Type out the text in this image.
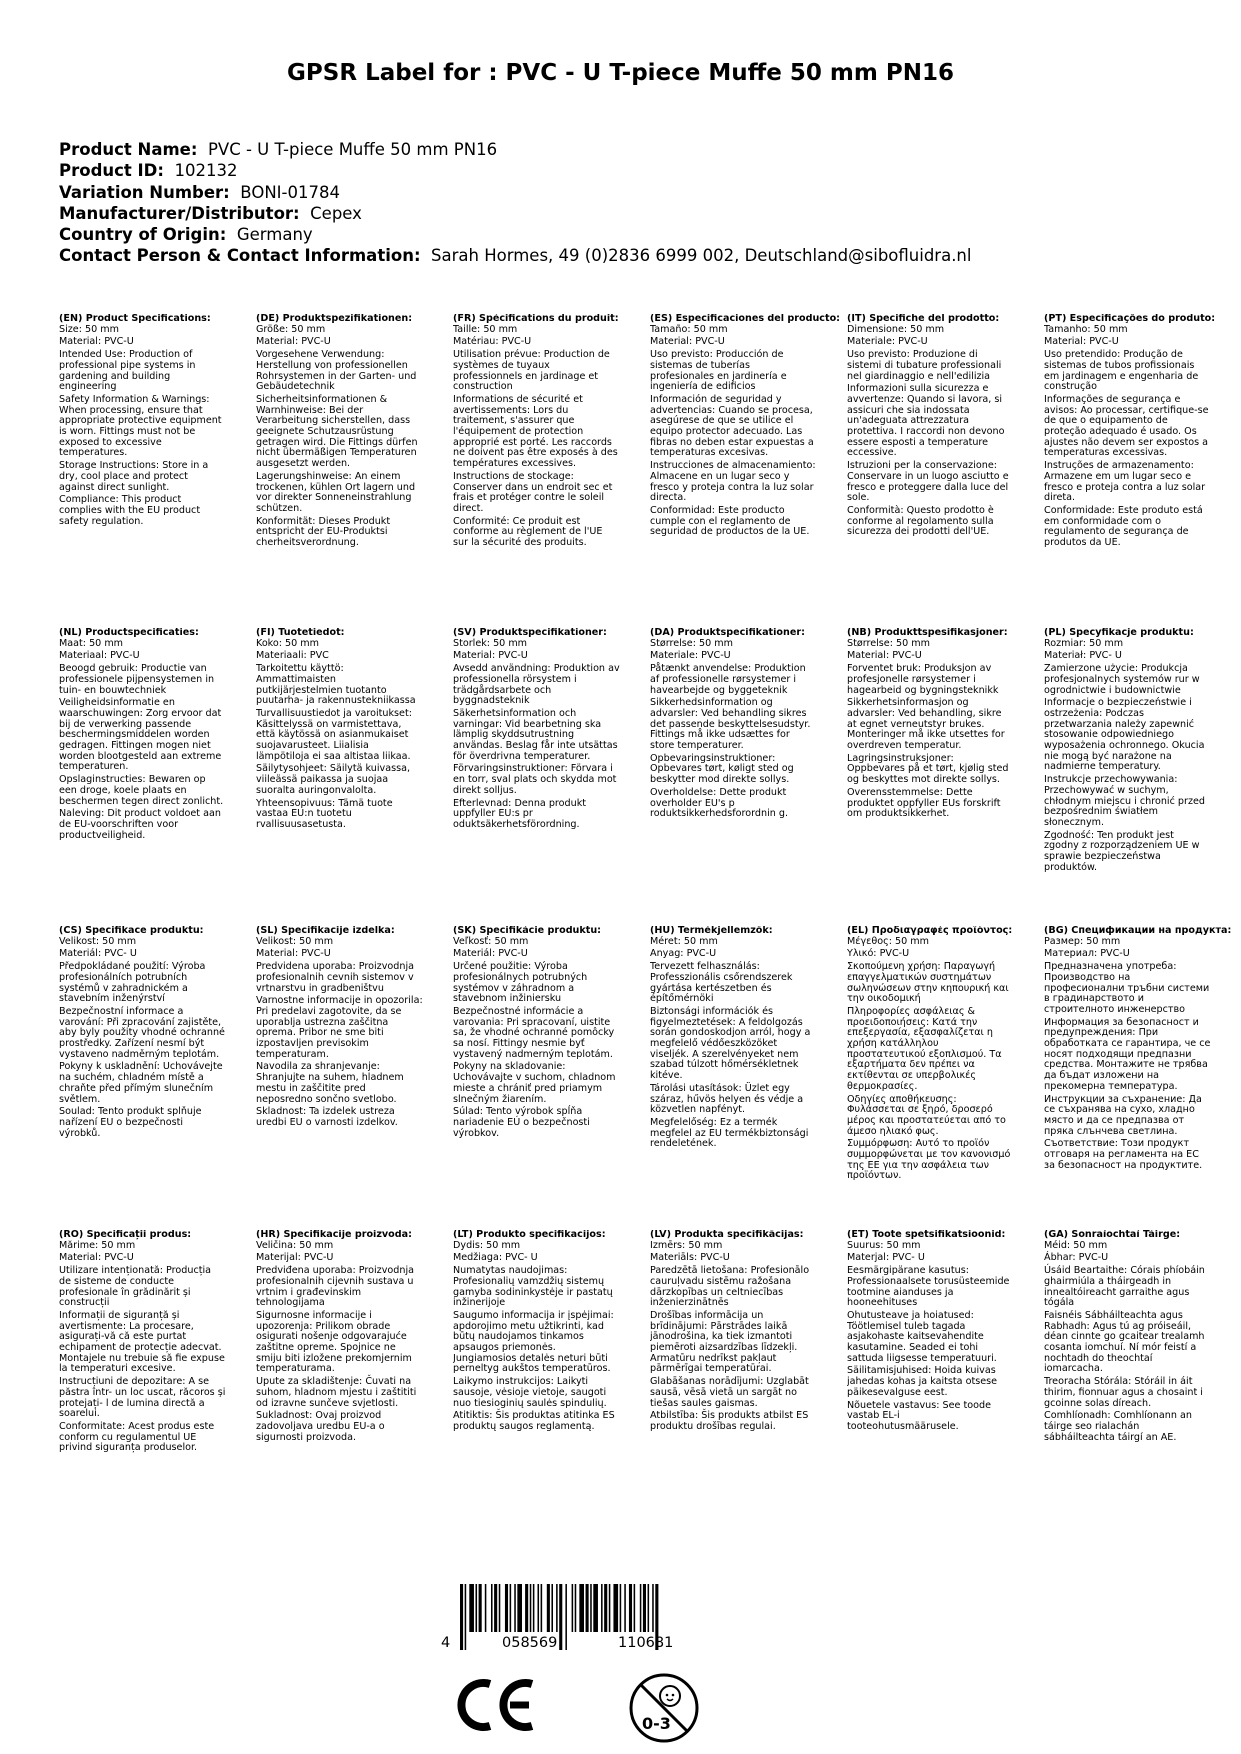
GPSR Label for : PVC - U T-piece Muffe 50 mm PN16
Product Name: PVC - U T-piece Muffe 50 mm PN16
Product ID: 102132
Variation Number: BONI-01784
Manufacturer/Distributor: Cepex
Country of Origin: Germany
Contact Person & Contact Information: Sarah Hormes, 49 (0)2836 6999 002, Deutschland@sibofluidra.nl
(EN) Product Specifications:

Size: 50 mm

Material: PVC-U

Intended Use: Production of professional pipe systems in gardening and building engineering

Safety Information & Warnings: When processing, ensure that appropriate protective equipment is worn. Fittings must not be exposed to excessive temperatures.

Storage Instructions: Store in a dry, cool place and protect against direct sunlight.

Compliance: This product complies with the EU product safety regulation.

(DE) Produktspezifikationen:

Größe: 50 mm

Material: PVC-U

Vorgesehene Verwendung: Herstellung von professionellen Rohrsystemen in der Garten- und Gebäudetechnik

Sicherheitsinformationen & Warnhinweise: Bei der Verarbeitung sicherstellen, dass geeignete Schutzausrüstung getragen wird. Die Fittings dürfen nicht übermäßigen Temperaturen ausgesetzt werden.

Lagerungshinweise: An einem trockenen, kühlen Ort lagern und vor direkter Sonneneinstrahlung schützen.

Konformität: Dieses Produkt entspricht der EU-Produktsi cherheitsverordnung.

(FR) Spécifications du produit:

Taille: 50 mm

Matériau: PVC-U

Utilisation prévue: Production de systèmes de tuyaux professionnels en jardinage et construction

Informations de sécurité et avertissements: Lors du traitement, s'assurer que l'équipement de protection approprié est porté. Les raccords ne doivent pas être exposés à des températures excessives.

Instructions de stockage: Conserver dans un endroit sec et frais et protéger contre le soleil direct.

Conformité: Ce produit est conforme au règlement de l'UE sur la sécurité des produits.

(ES) Especificaciones del producto:

Tamaño: 50 mm

Material: PVC-U

Uso previsto: Producción de sistemas de tuberías profesionales en jardinería e ingeniería de edificios

Información de seguridad y advertencias: Cuando se procesa, asegúrese de que se utilice el equipo protector adecuado. Las fibras no deben estar expuestas a temperaturas excesivas.

Instrucciones de almacenamiento: Almacene en un lugar seco y fresco y proteja contra la luz solar directa.

Conformidad: Este producto cumple con el reglamento de seguridad de productos de la UE.

(IT) Specifiche del prodotto:

Dimensione: 50 mm

Materiale: PVC-U

Uso previsto: Produzione di sistemi di tubature professionali nel giardinaggio e nell'edilizia

Informazioni sulla sicurezza e avvertenze: Quando si lavora, si assicuri che sia indossata un'adeguata attrezzatura protettiva. I raccordi non devono essere esposti a temperature eccessive.

Istruzioni per la conservazione: Conservare in un luogo asciutto e fresco e proteggere dalla luce del sole.

Conformità: Questo prodotto è conforme al regolamento sulla sicurezza dei prodotti dell'UE.

(PT) Especificações do produto:

Tamanho: 50 mm

Material: PVC-U

Uso pretendido: Produção de sistemas de tubos profissionais em jardinagem e engenharia de construção

Informações de segurança e avisos: Ao processar, certifique-se de que o equipamento de proteção adequado é usado. Os ajustes não devem ser expostos a temperaturas excessivas.

Instruções de armazenamento: Armazene em um lugar seco e fresco e proteja contra a luz solar direta.

Conformidade: Este produto está em conformidade com o regulamento de segurança de produtos da UE.

(NL) Productspecificaties:

Maat: 50 mm

Materiaal: PVC-U

Beoogd gebruik: Productie van professionele pijpensystemen in tuin- en bouwtechniek

Veiligheidsinformatie en waarschuwingen: Zorg ervoor dat bij de verwerking passende beschermingsmiddelen worden gedragen. Fittingen mogen niet worden blootgesteld aan extreme temperaturen.

Opslaginstructies: Bewaren op een droge, koele plaats en beschermen tegen direct zonlicht.

Naleving: Dit product voldoet aan de EU-voorschriften voor productveiligheid.

(FI) Tuotetiedot:

Koko: 50 mm

Materiaali: PVC

Tarkoitettu käyttö: Ammattimaisten putkijärjestelmien tuotanto puutarha- ja rakennustekniikassa

Turvallisuustiedot ja varoitukset: Käsittelyssä on varmistettava, että käytössä on asianmukaiset suojavarusteet. Liialisia lämpötiloja ei saa altistaa liikaa.

Säilytysohjeet: Säilytä kuivassa, viileässä paikassa ja suojaa suoralta auringonvalolta.

Yhteensopivuus: Tämä tuote vastaa EU:n tuotetu rvallisuusasetusta.

(SV) Produktspecifikationer:

Storlek: 50 mm

Material: PVC-U

Avsedd användning: Produktion av professionella rörsystem i trädgårdsarbete och byggnadsteknik

Säkerhetsinformation och varningar: Vid bearbetning ska lämplig skyddsutrustning användas. Beslag får inte utsättas för överdrivna temperaturer.

Förvaringsinstruktioner: Förvara i en torr, sval plats och skydda mot direkt solljus.

Efterlevnad: Denna produkt uppfyller EU:s pr oduktsäkerhetsförordning.

(DA) Produktspecifikationer:

Størrelse: 50 mm

Materiale: PVC-U

Påtænkt anvendelse: Produktion af professionelle rørsystemer i havearbejde og byggeteknik

Sikkerhedsinformation og advarsler: Ved behandling sikres det passende beskyttelsesudstyr. Fittings må ikke udsættes for store temperaturer.

Opbevaringsinstruktioner: Opbevares tørt, køligt sted og beskytter mod direkte sollys.

Overholdelse: Dette produkt overholder EU's p roduktsikkerhedsforordnin g.

(NB) Produkttspesifikasjoner:

Størrelse: 50 mm

Material: PVC-U

Forventet bruk: Produksjon av profesjonelle rørsystemer i hagearbeid og bygningsteknikk

Sikkerhetsinformasjon og advarsler: Ved behandling, sikre at egnet verneutstyr brukes. Monteringer må ikke utsettes for overdreven temperatur.

Lagringsinstruksjoner: Oppbevares på et tørt, kjølig sted og beskyttes mot direkte sollys.

Overensstemmelse: Dette produktet oppfyller EUs forskrift om produktsikkerhet.

(PL) Specyfikacje produktu:

Rozmiar: 50 mm

Materiał: PVC- U

Zamierzone użycie: Produkcja profesjonalnych systemów rur w ogrodnictwie i budownictwie

Informacje o bezpieczeństwie i ostrzeżenia: Podczas przetwarzania należy zapewnić stosowanie odpowiedniego wyposażenia ochronnego. Okucia nie mogą być narażone na nadmierne temperatury.

Instrukcje przechowywania: Przechowywać w suchym, chłodnym miejscu i chronić przed bezpośrednim światłem słonecznym.

Zgodność: Ten produkt jest zgodny z rozporządzeniem UE w sprawie bezpieczeństwa produktów.

(CS) Specifikace produktu:

Velikost: 50 mm

Materiál: PVC- U

Předpokládané použití: Výroba profesionálních potrubních systémů v zahradnickém a stavebním inženýrství

Bezpečnostní informace a varování: Při zpracování zajistěte, aby byly použity vhodné ochranné prostředky. Zařízení nesmí být vystaveno nadměrným teplotám.

Pokyny k uskladnění: Uchovávejte na suchém, chladném místě a chraňte před přímým slunečním světlem.

Soulad: Tento produkt splňuje nařízení EU o bezpečnosti výrobků.

(SL) Specifikacije izdelka:

Velikost: 50 mm

Material: PVC-U

Predvidena uporaba: Proizvodnja profesionalnih cevnih sistemov v vrtnarstvu in gradbeništvu

Varnostne informacije in opozorila: Pri predelavi zagotovite, da se uporablja ustrezna zaščitna oprema. Pribor ne sme biti izpostavljen previsokim temperaturam.

Navodila za shranjevanje: Shranjujte na suhem, hladnem mestu in zaščitite pred neposredno sončno svetlobo.

Skladnost: Ta izdelek ustreza uredbi EU o varnosti izdelkov.

(SK) Špecifikácie produktu:

Veľkosť: 50 mm

Materiál: PVC-U

Určené použitie: Výroba profesionálnych potrubných systémov v záhradnom a stavebnom inžiniersku

Bezpečnostné informácie a varovania: Pri spracovaní, uistite sa, že vhodné ochranné pomôcky sa nosí. Fittingy nesmie byť vystavený nadmerným teplotám.

Pokyny na skladovanie: Uchovávajte v suchom, chladnom mieste a chrániť pred priamym slnečným žiarením.

Súlad: Tento výrobok spĺňa nariadenie EÚ o bezpečnosti výrobkov.

(HU) Termékjellemzők:

Méret: 50 mm

Anyag: PVC-U

Tervezett felhasználás: Professzionális csőrendszerek gyártása kertészetben és építőmérnöki

Biztonsági információk és figyelmeztetések: A feldolgozás során gondoskodjon arról, hogy a megfelelő védőeszközöket viseljék. A szerelvényeket nem szabad túlzott hőmérsékletnek kitéve.

Tárolási utasítások: Üzlet egy száraz, hűvös helyen és védje a közvetlen napfényt.

Megfelelőség: Ez a termék megfelel az EU termékbiztonsági rendeletének.

(EL) Προδιαγραφές προϊόντος:

Μέγεθος: 50 mm

Υλικό: PVC-U

Σκοπούμενη χρήση: Παραγωγή επαγγελματικών συστημάτων σωληνώσεων στην κηπουρική και την οικοδομική

Πληροφορίες ασφάλειας & προειδοποιήσεις: Κατά την επεξεργασία, εξασφαλίζεται η χρήση κατάλληλου προστατευτικού εξοπλισμού. Τα εξαρτήματα δεν πρέπει να εκτίθενται σε υπερβολικές θερμοκρασίες.

Οδηγίες αποθήκευσης: Φυλάσσεται σε ξηρό, δροσερό μέρος και προστατεύεται από το άμεσο ηλιακό φως.

Συμμόρφωση: Αυτό το προϊόν συμμορφώνεται με τον κανονισμό της ΕΕ για την ασφάλεια των προϊόντων.

(BG) Спецификации на продукта:

Размер: 50 mm

Материал: PVC-U

Предназначена употреба: Производство на професионални тръбни системи в градинарството и строителното инженерство

Информация за безопасност и предупреждения: При обработката се гарантира, че се носят подходящи предпазни средства. Монтажите не трябва да бъдат изложени на прекомерна температура.

Инструкции за съхранение: Да се съхранява на сухо, хладно място и да се предпазва от пряка слънчева светлина.

Съответствие: Този продукт отговаря на регламента на ЕС за безопасност на продуктите.

(RO) Specificații produs:

Mărime: 50 mm

Material: PVC-U

Utilizare intenționată: Producția de sisteme de conducte profesionale în grădinărit și construcții

Informații de siguranță și avertismente: La procesare, asigurați-vă că este purtat echipament de protecție adecvat. Montajele nu trebuie să fie expuse la temperaturi excesive.

Instrucțiuni de depozitare: A se păstra într- un loc uscat, răcoros și protejați- l de lumina directă a soarelui.

Conformitate: Acest produs este conform cu regulamentul UE privind siguranța produselor.

(HR) Specifikacije proizvoda:

Veličina: 50 mm

Materijal: PVC-U

Predviđena uporaba: Proizvodnja profesionalnih cijevnih sustava u vrtnim i građevinskim tehnologijama

Sigurnosne informacije i upozorenja: Prilikom obrade osigurati nošenje odgovarajuće zaštitne opreme. Spojnice ne smiju biti izložene prekomjernim temperaturama.

Upute za skladištenje: Čuvati na suhom, hladnom mjestu i zaštititi od izravne sunčeve svjetlosti.

Sukladnost: Ovaj proizvod zadovoljava uredbu EU-a o sigurnosti proizvoda.

(LT) Produkto specifikacijos:

Dydis: 50 mm

Medžiaga: PVC- U

Numatytas naudojimas: Profesionalių vamzdžių sistemų gamyba sodininkystėje ir pastatų inžinerijoje

Saugumo informacija ir įspėjimai: apdorojimo metu užtikrinti, kad būtų naudojamos tinkamos apsaugos priemonės. Jungiamosios detalės neturi būti perneltyg aukštos temperatūros.

Laikymo instrukcijos: Laikyti sausoje, vėsioje vietoje, saugoti nuo tiesioginių saulės spindulių.

Atitiktis: Šis produktas atitinka ES produktų saugos reglamentą.

(LV) Produkta specifikācijas:

Izmērs: 50 mm

Materiāls: PVC-U

Paredzētā lietošana: Profesionālo cauruļvadu sistēmu ražošana dārzkopības un celtniecības inženierzinātnēs

Drošības informācija un brīdinājumi: Pārstrādes laikā jānodrošina, ka tiek izmantoti piemēroti aizsardzības līdzekļi. Armatūru nedrīkst pakļaut pārmērīgai temperatūrai.

Glabāšanas norādījumi: Uzglabāt sausā, vēsā vietā un sargāt no tiešas saules gaismas.

Atbilstība: Šis produkts atbilst ES produktu drošības regulai.

(ET) Toote spetsifikatsioonid:

Suurus: 50 mm

Materjal: PVC- U

Eesmärgipärane kasutus: Professionaalsete torusüsteemide tootmine aianduses ja hooneehituses

Ohutusteave ja hoiatused: Töötlemisel tuleb tagada asjakohaste kaitsevahendite kasutamine. Seaded ei tohi sattuda liigsesse temperatuuri.

Säilitamisjuhised: Hoida kuivas jahedas kohas ja kaitsta otsese päikesevalguse eest.

Nõuetele vastavus: See toode vastab EL-i tooteohutusmäärusele.

(GA) Sonraíochtaí Táirge:

Méid: 50 mm

Ábhar: PVC-U

Úsáid Beartaithe: Córais phíobáin ghairmiúla a tháirgeadh in innealtóireacht garraithe agus tógála

Faisnéis Sábháilteachta agus Rabhadh: Agus tú ag próiseáil, déan cinnte go gcaitear trealamh cosanta iomchuí. Ní mór feistí a nochtadh do theochtaí iomarcacha.

Treoracha Stórála: Stóráil in áit thirim, fionnuar agus a chosaint i gcoinne solas díreach.

Comhlíonadh: Comhlíonann an táirge seo rialachán sábháilteachta táirgí an AE.

4	058569	110681
0-3
